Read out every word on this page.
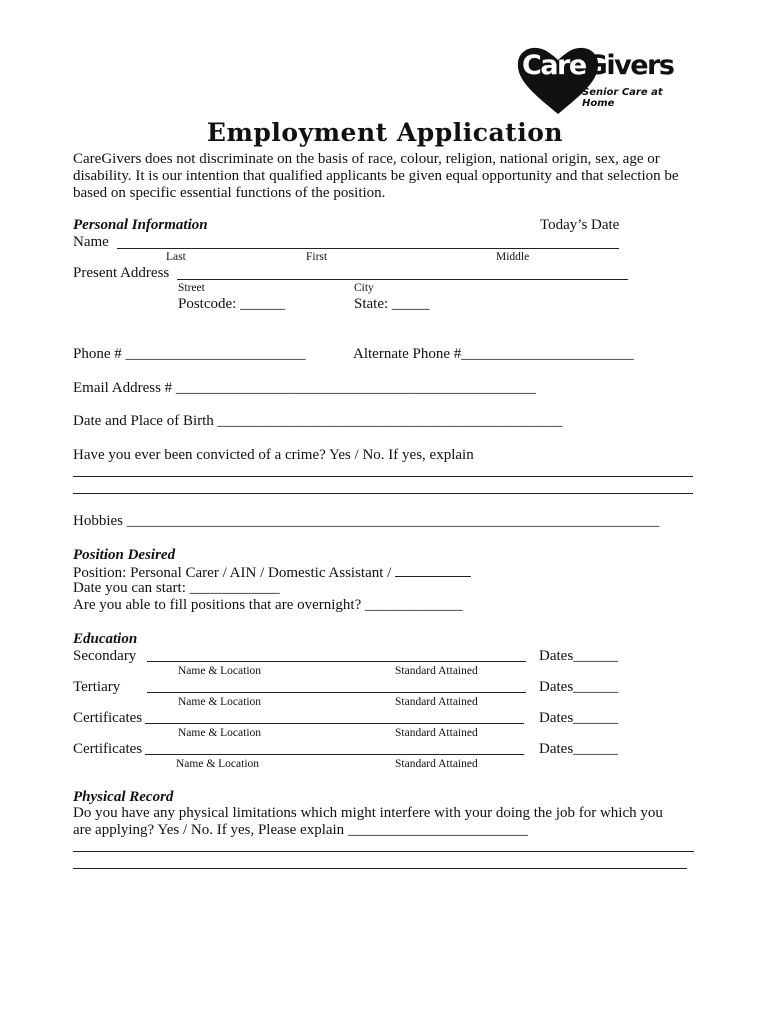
CareGivers
Senior Care at Home
Employment Application
CareGivers does not discriminate on the basis of race, colour, religion, national origin, sex, age or disability. It is our intention that qualified applicants be given equal opportunity and that selection be based on specific essential functions of the position.
Personal Information	Today’s Date
Name
Last	First	Middle
Present Address
Street	City
Postcode: ______	State: _____
Phone # ________________________	Alternate Phone #_______________________
Email Address # ________________________________________________
Date and Place of Birth ______________________________________________
Have you ever been convicted of a crime? Yes / No. If yes, explain
Hobbies _______________________________________________________________________
Position Desired
Position: Personal Carer / AIN / Domestic Assistant /
Date you can start: ____________
Are you able to fill positions that are overnight? _____________
Education
Secondary	Dates______
Name & Location	Standard Attained
Tertiary	Dates______
Name & Location	Standard Attained
Certificates	Dates______
Name & Location	Standard Attained
Certificates	Dates______
Name & Location	Standard Attained
Physical Record
Do you have any physical limitations which might interfere with your doing the job for which you
are applying? Yes / No. If yes, Please explain ________________________
